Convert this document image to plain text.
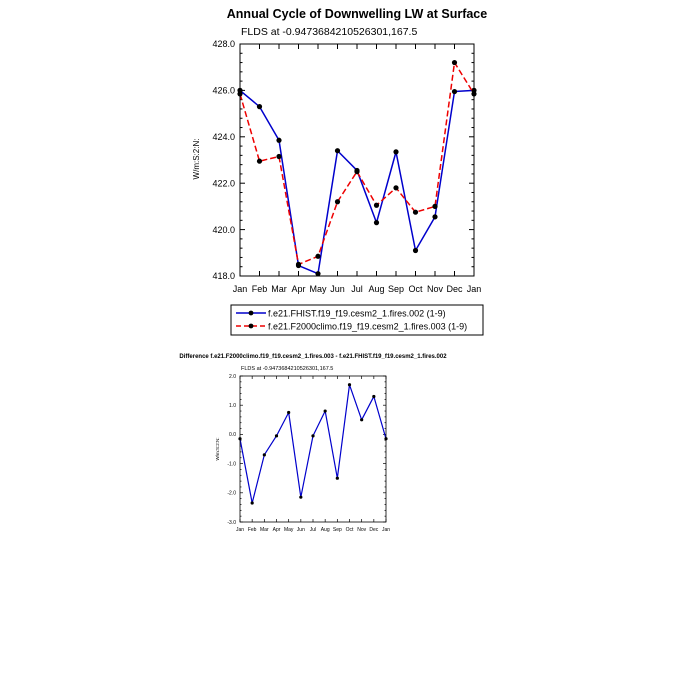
Annual Cycle of Downwelling LW at Surface
FLDS at -0.9473684210526301,167.5
W/m:S:2:N:
418.0
420.0
422.0
424.0
426.0
428.0
Jan Feb Mar Apr May Jun Jul Aug Sep Oct Nov Dec Jan
f.e21.FHIST.f19_f19.cesm2_1.fires.002 (1-9)
f.e21.F2000climo.f19_f19.cesm2_1.fires.003 (1-9)
Difference f.e21.F2000climo.f19_f19.cesm2_1.fires.003 - f.e21.FHIST.f19_f19.cesm2_1.fires.002
FLDS at -0.9473684210526301,167.5
W/m:S:2:N:
-3.0
-2.0
-1.0
0.0
1.0
2.0
Jan Feb Mar Apr May Jun Jul Aug Sep Oct Nov Dec Jan
